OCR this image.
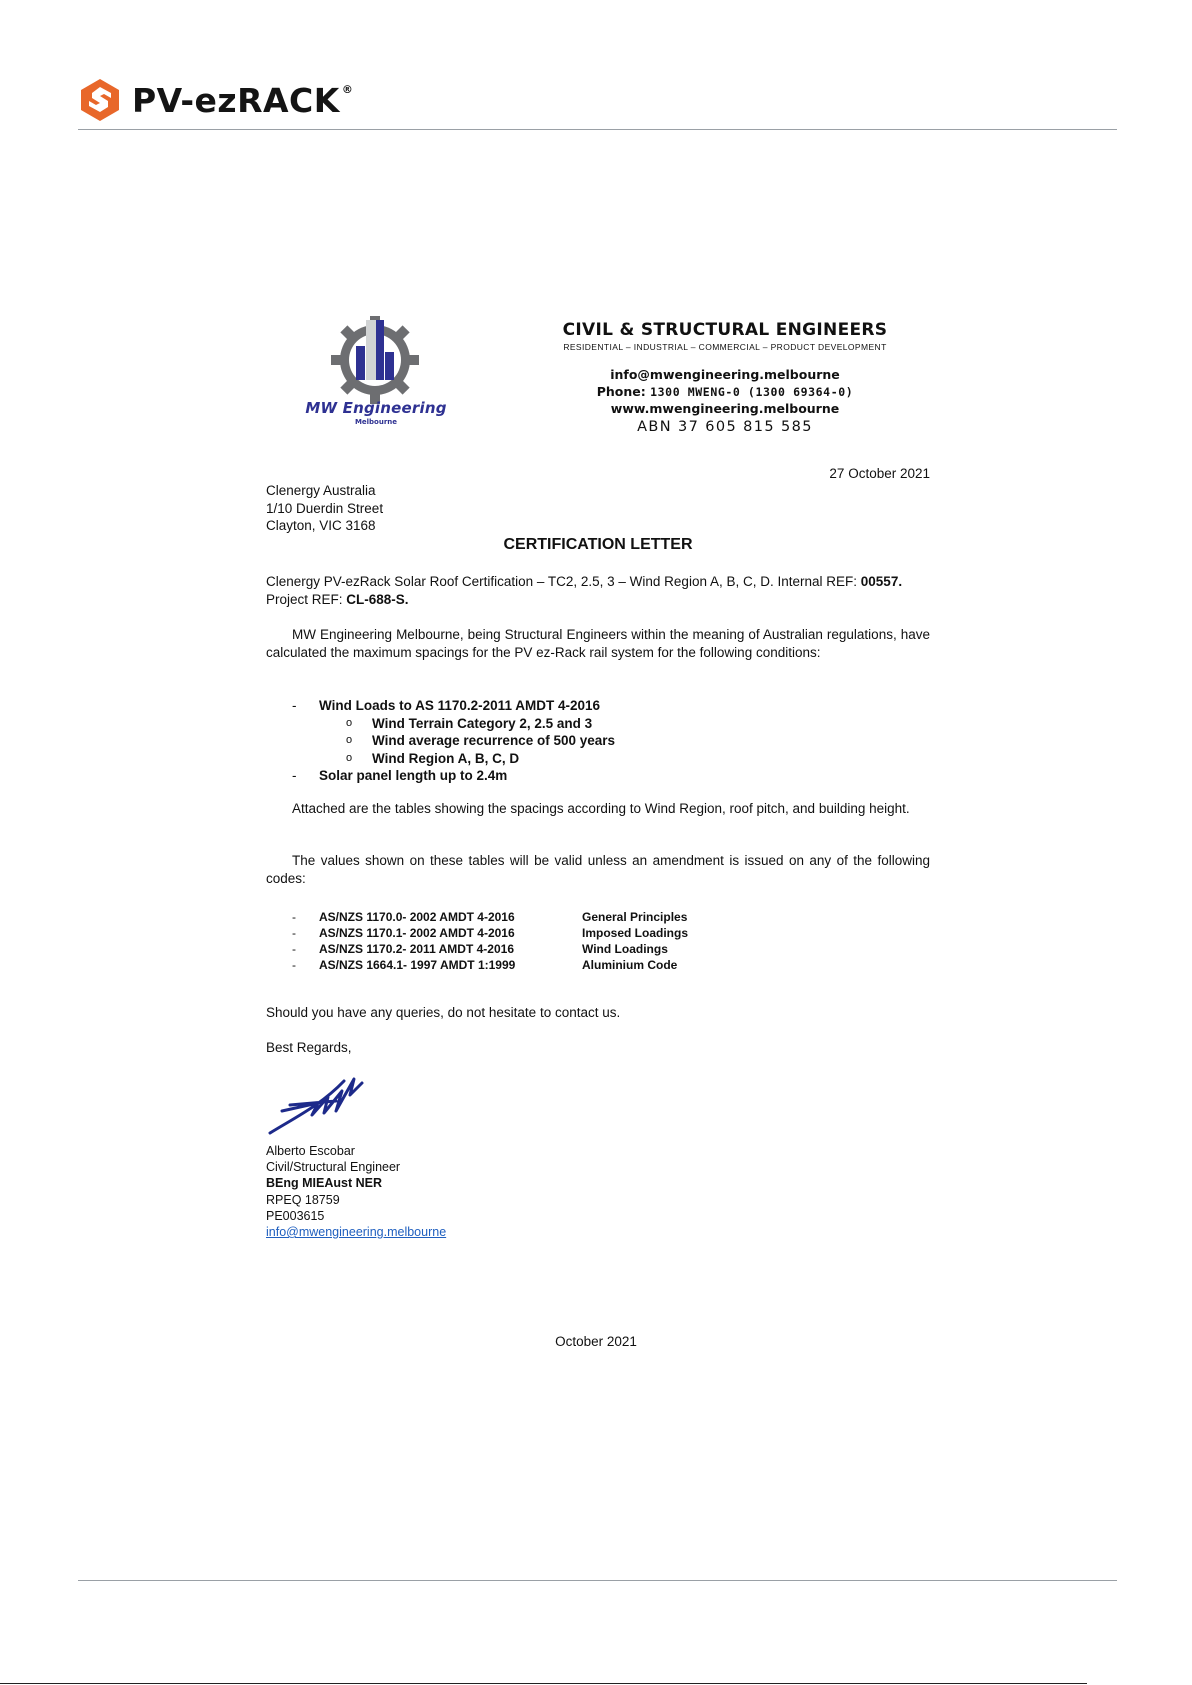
PV-ezRACK ®
MW Engineering
Melbourne
CIVIL & STRUCTURAL ENGINEERS
RESIDENTIAL – INDUSTRIAL – COMMERCIAL – PRODUCT DEVELOPMENT
info@mwengineering.melbourne
Phone: 1300 MWENG-0 (1300 69364-0)
www.mwengineering.melbourne
ABN 37 605 815 585
27 October 2021
Clenergy Australia
1/10 Duerdin Street
Clayton, VIC 3168
CERTIFICATION LETTER
Clenergy PV-ezRack Solar Roof Certification – TC2, 2.5, 3 – Wind Region A, B, C, D. Internal REF: 00557.
Project REF: CL-688-S.
MW Engineering Melbourne, being Structural Engineers within the meaning of Australian regulations, have calculated the maximum spacings for the PV ez-Rack rail system for the following conditions:
- Wind Loads to AS 1170.2-2011 AMDT 4-2016
o Wind Terrain Category 2, 2.5 and 3
o Wind average recurrence of 500 years
o Wind Region A, B, C, D
- Solar panel length up to 2.4m
Attached are the tables showing the spacings according to Wind Region, roof pitch, and building height.
The values shown on these tables will be valid unless an amendment is issued on any of the following codes:
- AS/NZS 1170.0- 2002 AMDT 4-2016	General Principles
- AS/NZS 1170.1- 2002 AMDT 4-2016	Imposed Loadings
- AS/NZS 1170.2- 2011 AMDT 4-2016	Wind Loadings
- AS/NZS 1664.1- 1997 AMDT 1:1999	Aluminium Code
Should you have any queries, do not hesitate to contact us.
Best Regards,
Alberto Escobar
Civil/Structural Engineer
BEng MIEAust NER
RPEQ 18759
PE003615
info@mwengineering.melbourne
October 2021
